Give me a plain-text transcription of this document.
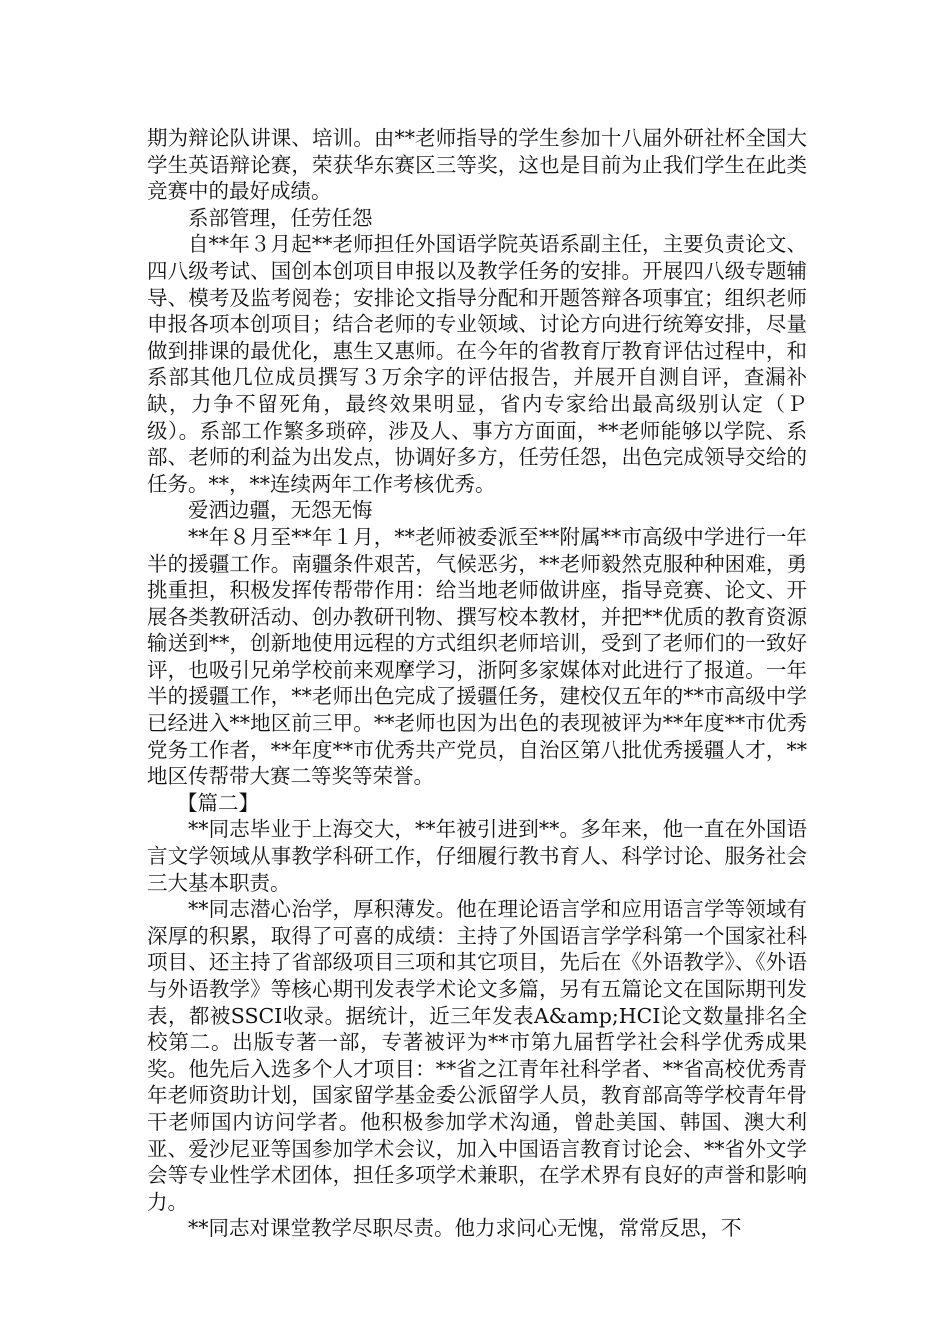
期为辩论队讲课、培训。由**老师指导的学生参加十八届外研社杯全国大学生英语辩论赛，荣获华东赛区三等奖，这也是目前为止我们学生在此类竞赛中的最好成绩。

系部管理，任劳任怨

自**年３月起**老师担任外国语学院英语系副主任，主要负责论文、四八级考试、国创本创项目申报以及教学任务的安排。开展四八级专题辅导、模考及监考阅卷；安排论文指导分配和开题答辩各项事宜；组织老师申报各项本创项目；结合老师的专业领域、讨论方向进行统筹安排，尽量做到排课的最优化，惠生又惠师。在今年的省教育厅教育评估过程中，和系部其他几位成员撰写３万余字的评估报告，并展开自测自评，查漏补缺，力争不留死角，最终效果明显，省内专家给出最高级别认定（Ｐ级）。系部工作繁多琐碎，涉及人、事方方面面，**老师能够以学院、系部、老师的利益为出发点，协调好多方，任劳任怨，出色完成领导交给的任务。**，**连续两年工作考核优秀。

爱洒边疆，无怨无悔

**年８月至**年１月，**老师被委派至**附属**市高级中学进行一年半的援疆工作。南疆条件艰苦，气候恶劣，**老师毅然克服种种困难，勇挑重担，积极发挥传帮带作用：给当地老师做讲座，指导竞赛、论文、开展各类教研活动、创办教研刊物、撰写校本教材，并把**优质的教育资源输送到**，创新地使用远程的方式组织老师培训，受到了老师们的一致好评，也吸引兄弟学校前来观摩学习，浙阿多家媒体对此进行了报道。一年半的援疆工作，**老师出色完成了援疆任务，建校仅五年的**市高级中学已经进入**地区前三甲。**老师也因为出色的表现被评为**年度**市优秀党务工作者，**年度**市优秀共产党员，自治区第八批优秀援疆人才，**地区传帮带大赛二等奖等荣誉。

【篇二】

**同志毕业于上海交大，**年被引进到**。多年来，他一直在外国语言文学领域从事教学科研工作，仔细履行教书育人、科学讨论、服务社会三大基本职责。

**同志潜心治学，厚积薄发。他在理论语言学和应用语言学等领域有深厚的积累，取得了可喜的成绩：主持了外国语言学学科第一个国家社科项目、还主持了省部级项目三项和其它项目，先后在《外语教学》、《外语与外语教学》等核心期刊发表学术论文多篇，另有五篇论文在国际期刊发表，都被SSCI收录。据统计，近三年发表A&amp;HCI论文数量排名全校第二。出版专著一部，专著被评为**市第九届哲学社会科学优秀成果奖。他先后入选多个人才项目：**省之江青年社科学者、**省高校优秀青年老师资助计划，国家留学基金委公派留学人员，教育部高等学校青年骨干老师国内访问学者。他积极参加学术沟通，曾赴美国、韩国、澳大利亚、爱沙尼亚等国参加学术会议，加入中国语言教育讨论会、**省外文学会等专业性学术团体，担任多项学术兼职，在学术界有良好的声誉和影响力。

**同志对课堂教学尽职尽责。他力求问心无愧，常常反思，不
